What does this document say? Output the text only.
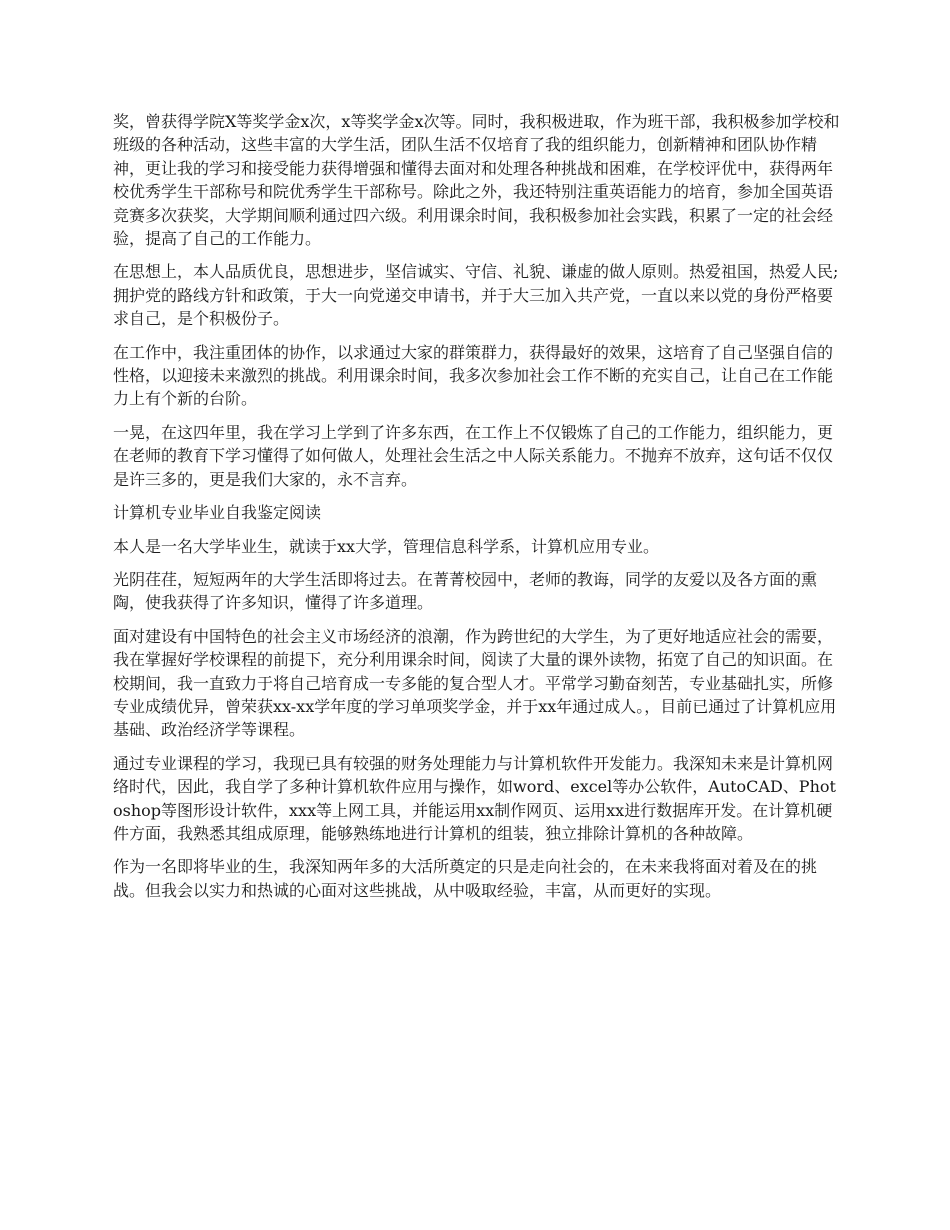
奖，曾获得学院X等奖学金x次，x等奖学金x次等。同时，我积极进取，作为班干部，我积极参加学校和班级的各种活动，这些丰富的大学生活，团队生活不仅培育了我的组织能力，创新精神和团队协作精神，更让我的学习和接受能力获得增强和懂得去面对和处理各种挑战和困难，在学校评优中，获得两年校优秀学生干部称号和院优秀学生干部称号。除此之外，我还特别注重英语能力的培育，参加全国英语竞赛多次获奖，大学期间顺利通过四六级。利用课余时间，我积极参加社会实践，积累了一定的社会经验，提高了自己的工作能力。

在思想上，本人品质优良，思想进步，坚信诚实、守信、礼貌、谦虚的做人原则。热爱祖国，热爱人民;拥护党的路线方针和政策，于大一向党递交申请书，并于大三加入共产党，一直以来以党的身份严格要求自己，是个积极份子。

在工作中，我注重团体的协作，以求通过大家的群策群力，获得最好的效果，这培育了自己坚强自信的性格，以迎接未来激烈的挑战。利用课余时间，我多次参加社会工作不断的充实自己，让自己在工作能力上有个新的台阶。

一晃，在这四年里，我在学习上学到了许多东西，在工作上不仅锻炼了自己的工作能力，组织能力，更在老师的教育下学习懂得了如何做人，处理社会生活之中人际关系能力。不抛弃不放弃，这句话不仅仅是许三多的，更是我们大家的，永不言弃。

计算机专业毕业自我鉴定阅读

本人是一名大学毕业生，就读于xx大学，管理信息科学系，计算机应用专业。

光阴荏荏，短短两年的大学生活即将过去。在菁菁校园中，老师的教诲，同学的友爱以及各方面的熏陶，使我获得了许多知识，懂得了许多道理。

面对建设有中国特色的社会主义市场经济的浪潮，作为跨世纪的大学生，为了更好地适应社会的需要，我在掌握好学校课程的前提下，充分利用课余时间，阅读了大量的课外读物，拓宽了自己的知识面。在校期间，我一直致力于将自己培育成一专多能的复合型人才。平常学习勤奋刻苦，专业基础扎实，所修专业成绩优异，曾荣获xx-xx学年度的学习单项奖学金，并于xx年通过成人。，目前已通过了计算机应用基础、政治经济学等课程。

通过专业课程的学习，我现已具有较强的财务处理能力与计算机软件开发能力。我深知未来是计算机网络时代，因此，我自学了多种计算机软件应用与操作，如word、excel等办公软件，AutoCAD、Photoshop等图形设计软件，xxx等上网工具，并能运用xx制作网页、运用xx进行数据库开发。在计算机硬件方面，我熟悉其组成原理，能够熟练地进行计算机的组装，独立排除计算机的各种故障。

作为一名即将毕业的生，我深知两年多的大活所奠定的只是走向社会的，在未来我将面对着及在的挑战。但我会以实力和热诚的心面对这些挑战，从中吸取经验，丰富，从而更好的实现。
